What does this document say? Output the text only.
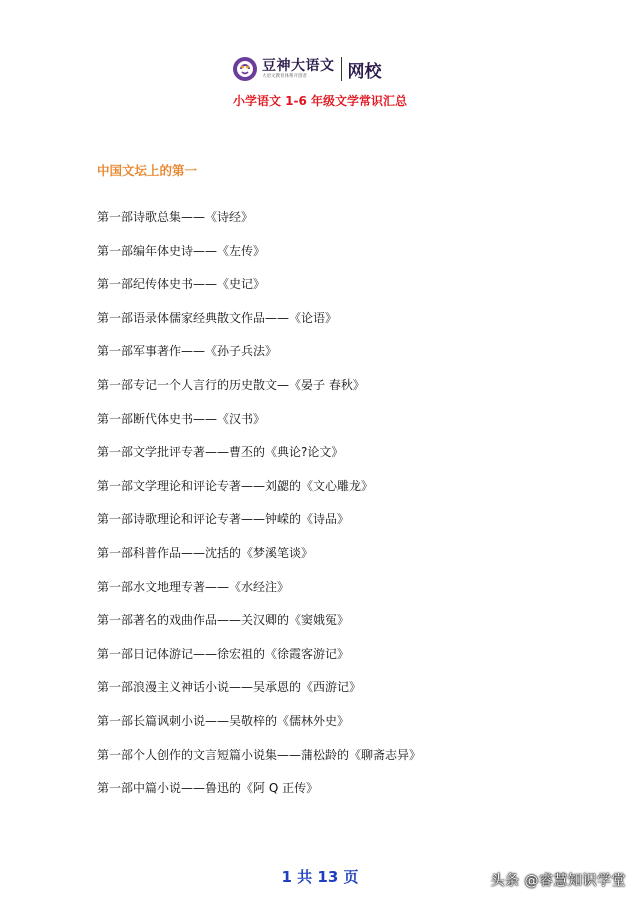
豆神大语文
大语文教育体系开创者	网校
小学语文 1-6 年级文学常识汇总
中国文坛上的第一
第一部诗歌总集——《诗经》
第一部编年体史诗——《左传》
第一部纪传体史书——《史记》
第一部语录体儒家经典散文作品——《论语》
第一部军事著作——《孙子兵法》
第一部专记一个人言行的历史散文—《晏子 春秋》
第一部断代体史书——《汉书》
第一部文学批评专著——曹丕的《典论?论文》
第一部文学理论和评论专著——刘勰的《文心雕龙》
第一部诗歌理论和评论专著——钟嵘的《诗品》
第一部科普作品——沈括的《梦溪笔谈》
第一部水文地理专著——《水经注》
第一部著名的戏曲作品——关汉卿的《窦娥冤》
第一部日记体游记——徐宏祖的《徐霞客游记》
第一部浪漫主义神话小说——吴承恩的《西游记》
第一部长篇讽刺小说——吴敬梓的《儒林外史》
第一部个人创作的文言短篇小说集——蒲松龄的《聊斋志异》
第一部中篇小说——鲁迅的《阿 Q 正传》
1 共 13 页	头条 @睿慧知识学堂
